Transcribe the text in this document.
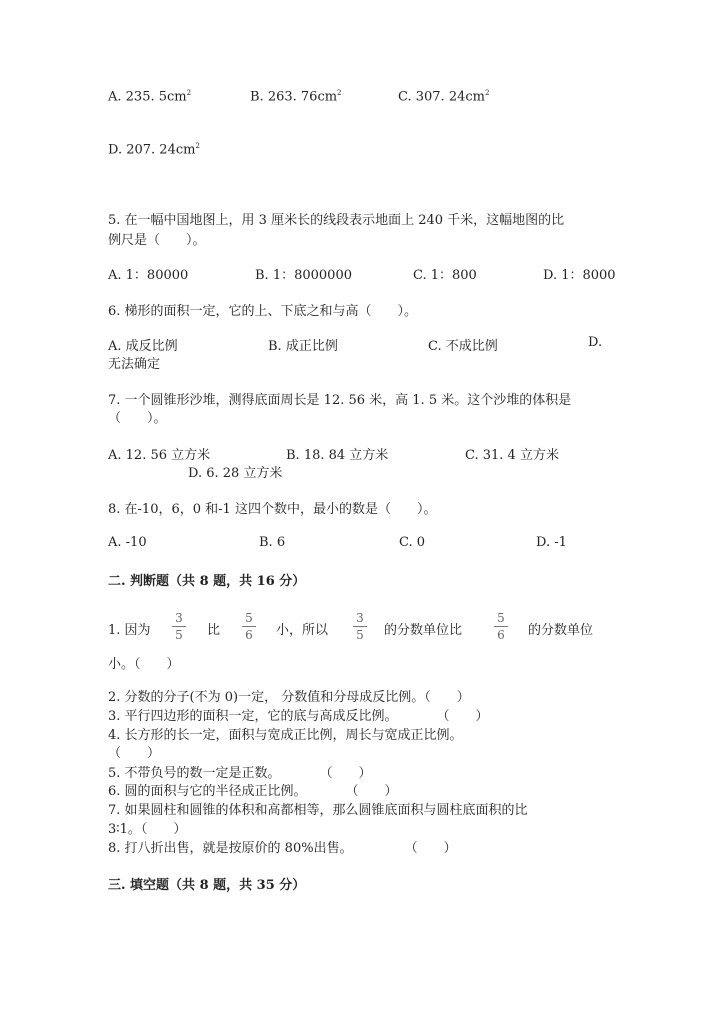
A. 235. $5cm^2$	B. 263. $76cm^2$	C. 307. $24cm^2$
D. 207. $24cm^2$
5. 在一幅中国地图上，用 3 厘米长的线段表示地面上 240 千米，这幅地图的比
例尺是（　　）。
A. 1：80000	B. 1：8000000	C. 1：800	D. 1：8000
6. 梯形的面积一定，它的上、下底之和与高（　　）。
A. 成反比例	B. 成正比例	C. 不成比例	D.
无法确定
7. 一个圆锥形沙堆，测得底面周长是 12. 56 米，高 1. 5 米。这个沙堆的体积是
（　　）。
A. 12. 56 立方米	B. 18. 84 立方米	C. 31. 4 立方米
D. 6. 28 立方米
8. 在-10，6，0 和-1 这四个数中，最小的数是（　　）。
A. -10	B. 6	C. 0	D. -1
二. 判断题（共 8 题，共 16 分）
1. 因为
3
5 比
5
6 小，所以
3
5 的分数单位比
5
6 的分数单位
小。（　　）
2. 分数的分子(不为 0)一定， 分数值和分母成反比例。（　　）
3. 平行四边形的面积一定，它的底与高成反比例。　　　　（　　）
4. 长方形的长一定，面积与宽成正比例，周长与宽成正比例。
（　　）
5. 不带负号的数一定是正数。　　　　（　　）
6. 圆的面积与它的半径成正比例。　　　　（　　）
7. 如果圆柱和圆锥的体积和高都相等，那么圆锥底面积与圆柱底面积的比
3∶1。（　　）
8. 打八折出售，就是按原价的 80%出售。　　　　　（　　）
三. 填空题（共 8 题，共 35 分）
